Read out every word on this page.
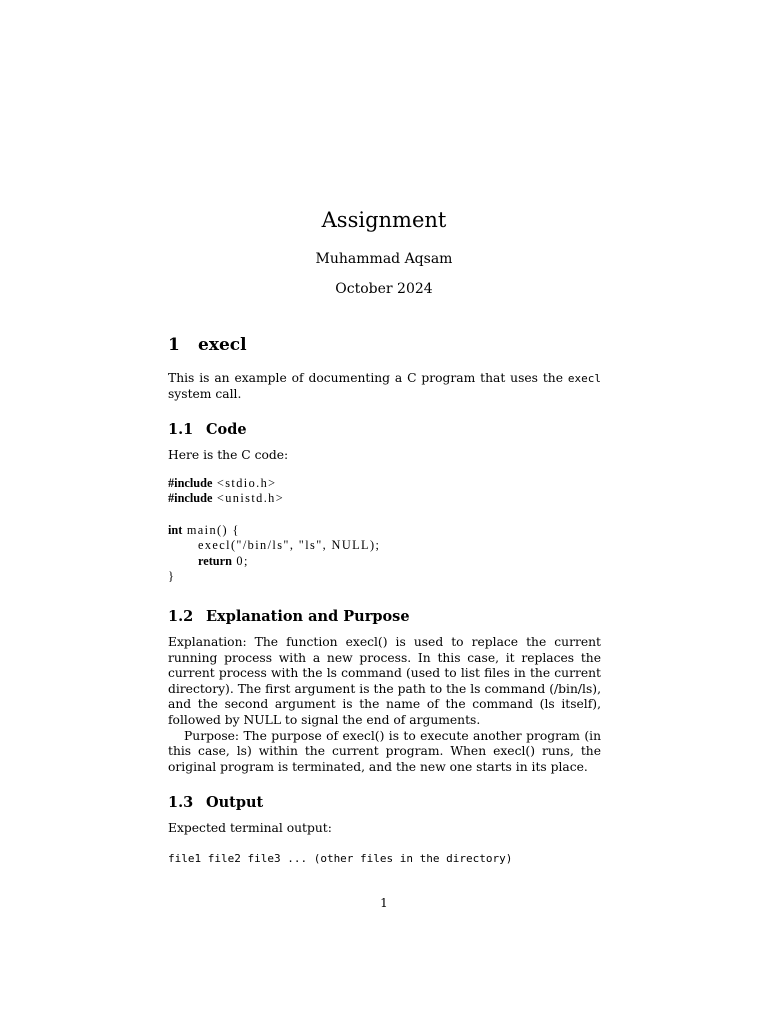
Assignment
Muhammad Aqsam
October 2024
1 execl

This is an example of documenting a C program that uses the execl system call.

1.1 Code

Here is the C code:

#include <stdio.h>
#include <unistd.h>
int main() {
execl("/bin/ls", "ls", NULL);
return 0;
}
1.2 Explanation and Purpose

Explanation: The function execl() is used to replace the current running process with a new process. In this case, it replaces the current process with the ls command (used to list files in the current directory). The first argument is the path to the ls command (/bin/ls), and the second argument is the name of the command (ls itself), followed by NULL to signal the end of arguments.

Purpose: The purpose of execl() is to execute another program (in this case, ls) within the current program. When execl() runs, the original program is terminated, and the new one starts in its place.

1.3 Output

Expected terminal output:

file1 file2 file3 ... (other files in the directory)
1
